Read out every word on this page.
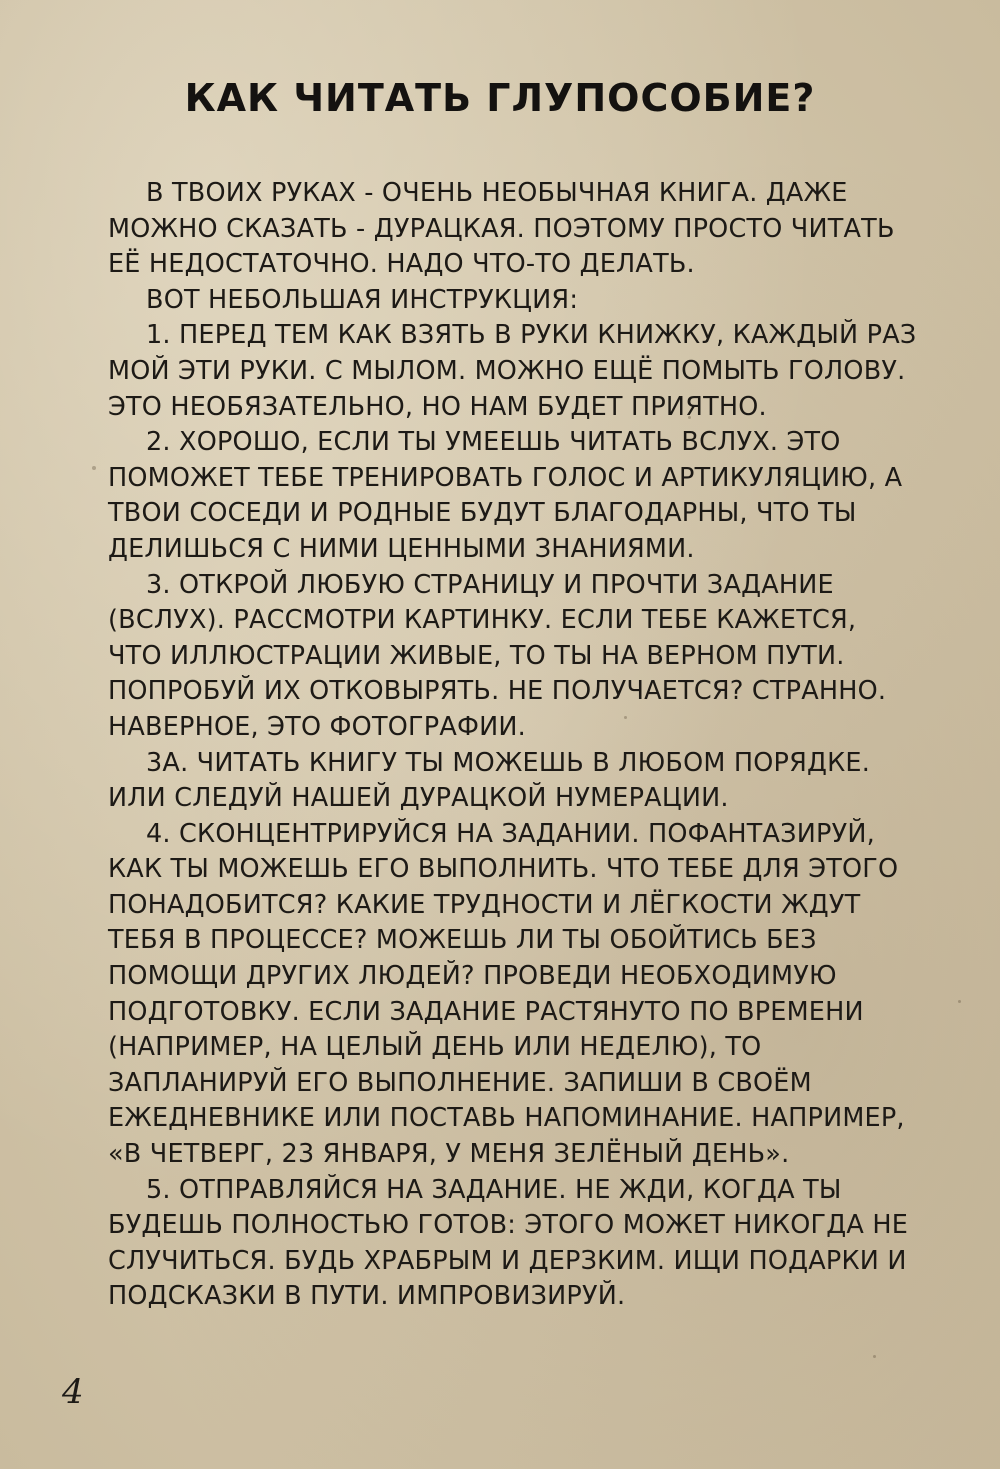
КАК ЧИТАТЬ ГЛУПОСОБИЕ?

В ТВОИХ РУКАХ - ОЧЕНЬ НЕОБЫЧНАЯ КНИГА. ДАЖЕ МОЖНО СКАЗАТЬ - ДУРАЦКАЯ. ПОЭТОМУ ПРОСТО ЧИТАТЬ ЕЁ НЕДОСТАТОЧНО. НАДО ЧТО-ТО ДЕЛАТЬ.

ВОТ НЕБОЛЬШАЯ ИНСТРУКЦИЯ:

1. ПЕРЕД ТЕМ КАК ВЗЯТЬ В РУКИ КНИЖКУ, КАЖДЫЙ РАЗ МОЙ ЭТИ РУКИ. С МЫЛОМ. МОЖНО ЕЩЁ ПОМЫТЬ ГОЛОВУ. ЭТО НЕОБЯЗАТЕЛЬНО, НО НАМ БУДЕТ ПРИЯТНО.

2. ХОРОШО, ЕСЛИ ТЫ УМЕЕШЬ ЧИТАТЬ ВСЛУХ. ЭТО ПОМОЖЕТ ТЕБЕ ТРЕНИРОВАТЬ ГОЛОС И АРТИКУЛЯЦИЮ, А ТВОИ СОСЕДИ И РОДНЫЕ БУДУТ БЛАГОДАРНЫ, ЧТО ТЫ ДЕЛИШЬСЯ С НИМИ ЦЕННЫМИ ЗНАНИЯМИ.

3. ОТКРОЙ ЛЮБУЮ СТРАНИЦУ И ПРОЧТИ ЗАДАНИЕ (ВСЛУХ). РАССМОТРИ КАРТИНКУ. ЕСЛИ ТЕБЕ КАЖЕТСЯ, ЧТО ИЛЛЮСТРАЦИИ ЖИВЫЕ, ТО ТЫ НА ВЕРНОМ ПУТИ. ПОПРОБУЙ ИХ ОТКОВЫРЯТЬ. НЕ ПОЛУЧАЕТСЯ? СТРАННО. НАВЕРНОЕ, ЭТО ФОТОГРАФИИ.

3А. ЧИТАТЬ КНИГУ ТЫ МОЖЕШЬ В ЛЮБОМ ПОРЯДКЕ. ИЛИ СЛЕДУЙ НАШЕЙ ДУРАЦКОЙ НУМЕРАЦИИ.

4. СКОНЦЕНТРИРУЙСЯ НА ЗАДАНИИ. ПОФАНТАЗИРУЙ, КАК ТЫ МОЖЕШЬ ЕГО ВЫПОЛНИТЬ. ЧТО ТЕБЕ ДЛЯ ЭТОГО ПОНАДОБИТСЯ? КАКИЕ ТРУДНОСТИ И ЛЁГКОСТИ ЖДУТ ТЕБЯ В ПРОЦЕССЕ? МОЖЕШЬ ЛИ ТЫ ОБОЙТИСЬ БЕЗ ПОМОЩИ ДРУГИХ ЛЮДЕЙ? ПРОВЕДИ НЕОБХОДИМУЮ ПОДГОТОВКУ. ЕСЛИ ЗАДАНИЕ РАСТЯНУТО ПО ВРЕМЕНИ (НАПРИМЕР, НА ЦЕЛЫЙ ДЕНЬ ИЛИ НЕДЕЛЮ), ТО ЗАПЛАНИРУЙ ЕГО ВЫПОЛНЕНИЕ. ЗАПИШИ В СВОЁМ ЕЖЕДНЕВНИКЕ ИЛИ ПОСТАВЬ НАПОМИНАНИЕ. НАПРИМЕР, «В ЧЕТВЕРГ, 23 ЯНВАРЯ, У МЕНЯ ЗЕЛЁНЫЙ ДЕНЬ».

5. ОТПРАВЛЯЙСЯ НА ЗАДАНИЕ. НЕ ЖДИ, КОГДА ТЫ БУДЕШЬ ПОЛНОСТЬЮ ГОТОВ: ЭТОГО МОЖЕТ НИКОГДА НЕ СЛУЧИТЬСЯ. БУДЬ ХРАБРЫМ И ДЕРЗКИМ. ИЩИ ПОДАРКИ И ПОДСКАЗКИ В ПУТИ. ИМПРОВИЗИРУЙ.

4
